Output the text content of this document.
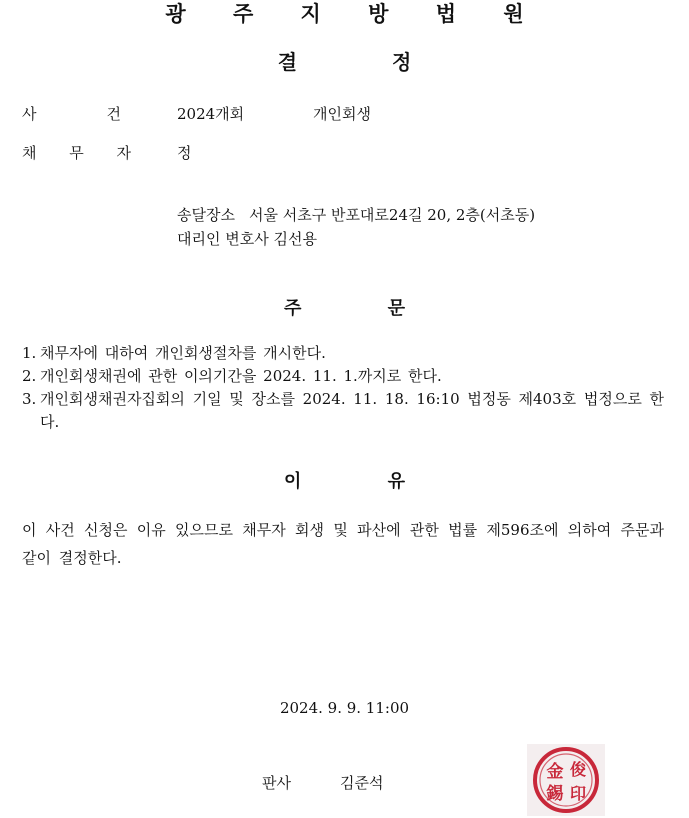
광 주 지 방 법 원
결 정
사	건	2024개회	개인회생
채 무 자	정
송달장소 서울 서초구 반포대로24길 20, 2층(서초동)
대리인 변호사 김선용
주 문
1. 채무자에 대하여 개인회생절차를 개시한다.
2. 개인회생채권에 관한 이의기간을 2024. 11. 1.까지로 한다.
3. 개인회생채권자집회의 기일 및 장소를 2024. 11. 18. 16:10 법정동 제403호 법정으로 한다.
이 유
이 사건 신청은 이유 있으므로 채무자 회생 및 파산에 관한 법률 제596조에 의하여 주문과 같이 결정한다.
2024. 9. 9. 11:00
판사	김준석
金 俊
錫 印
